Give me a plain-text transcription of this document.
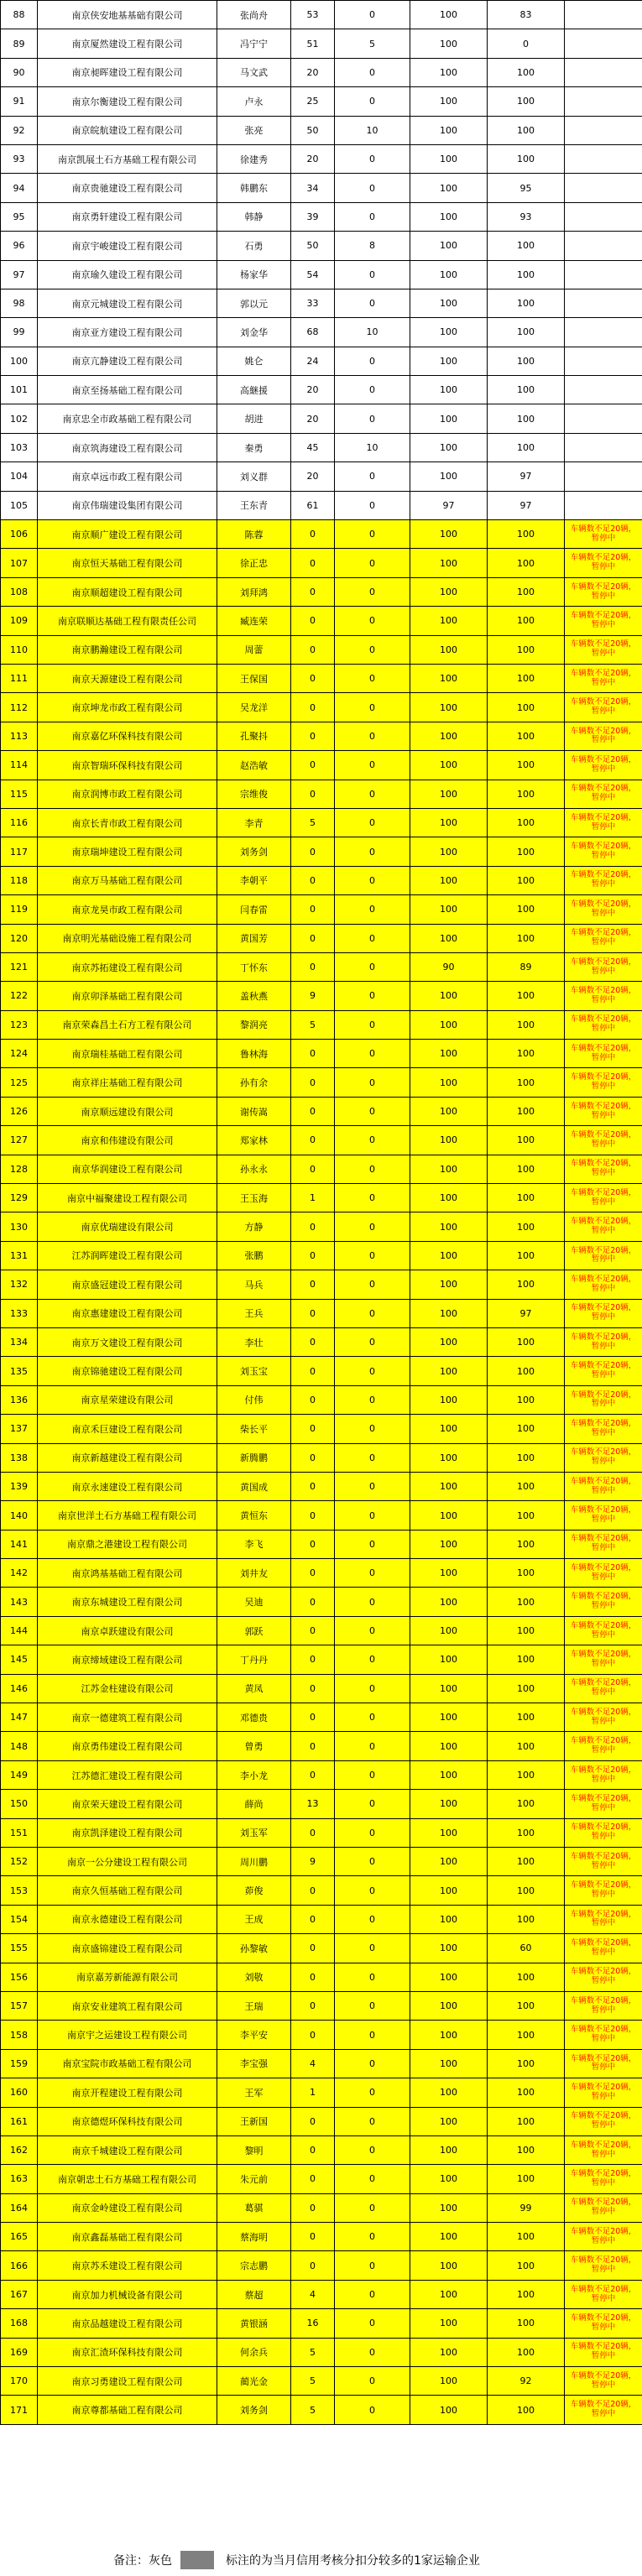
88	南京侠安地基基础有限公司	张尚舟	53	0	100	83	
89	南京厦然建设工程有限公司	冯宁宁	51	5	100	0	
90	南京昶晖建设工程有限公司	马文武	20	0	100	100	
91	南京尔衡建设工程有限公司	卢永	25	0	100	100	
92	南京皖航建设工程有限公司	张亮	50	10	100	100	
93	南京凯展土石方基础工程有限公司	徐建秀	20	0	100	100	
94	南京贵驰建设工程有限公司	韩鹏东	34	0	100	95	
95	南京勇轩建设工程有限公司	韩静	39	0	100	93	
96	南京宇峻建设工程有限公司	石勇	50	8	100	100	
97	南京瑜久建设工程有限公司	杨家华	54	0	100	100	
98	南京元城建设工程有限公司	郭以元	33	0	100	100	
99	南京亚方建设工程有限公司	刘金华	68	10	100	100	
100	南京亢静建设工程有限公司	姚仑	24	0	100	100	
101	南京至扬基础工程有限公司	高継援	20	0	100	100	
102	南京忠全市政基础工程有限公司	胡进	20	0	100	100	
103	南京筑海建设工程有限公司	秦勇	45	10	100	100	
104	南京卓远市政工程有限公司	刘义群	20	0	100	97	
105	南京伟瑞建设集团有限公司	王东青	61	0	97	97	
106	南京顺广建设工程有限公司	陈蓉	0	0	100	100	车辆数不足20辆，暂停中
107	南京恒天基础工程有限公司	徐正忠	0	0	100	100	车辆数不足20辆，暂停中
108	南京顺超建设工程有限公司	刘拜鸿	0	0	100	100	车辆数不足20辆，暂停中
109	南京联顺达基础工程有限责任公司	臧连荣	0	0	100	100	车辆数不足20辆，暂停中
110	南京鹏瀚建设工程有限公司	周蕾	0	0	100	100	车辆数不足20辆，暂停中
111	南京天源建设工程有限公司	王保国	0	0	100	100	车辆数不足20辆，暂停中
112	南京坤龙市政工程有限公司	吴龙洋	0	0	100	100	车辆数不足20辆，暂停中
113	南京嘉亿环保科技有限公司	孔聚抖	0	0	100	100	车辆数不足20辆，暂停中
114	南京智瑞环保科技有限公司	赵浩敏	0	0	100	100	车辆数不足20辆，暂停中
115	南京润博市政工程有限公司	宗维俊	0	0	100	100	车辆数不足20辆，暂停中
116	南京长青市政工程有限公司	李青	5	0	100	100	车辆数不足20辆，暂停中
117	南京瑞坤建设工程有限公司	刘务剑	0	0	100	100	车辆数不足20辆，暂停中
118	南京万马基础工程有限公司	李朝平	0	0	100	100	车辆数不足20辆，暂停中
119	南京龙昊市政工程有限公司	闫春雷	0	0	100	100	车辆数不足20辆，暂停中
120	南京明光基础设施工程有限公司	黄国芳	0	0	100	100	车辆数不足20辆，暂停中
121	南京苏拓建设工程有限公司	丁怀东	0	0	90	89	车辆数不足20辆，暂停中
122	南京卯泽基础工程有限公司	盖秋燕	9	0	100	100	车辆数不足20辆，暂停中
123	南京荣森昌土石方工程有限公司	黎润亮	5	0	100	100	车辆数不足20辆，暂停中
124	南京瑞桂基础工程有限公司	鲁林海	0	0	100	100	车辆数不足20辆，暂停中
125	南京祥庄基础工程有限公司	孙有余	0	0	100	100	车辆数不足20辆，暂停中
126	南京顺远建设有限公司	谢传嵩	0	0	100	100	车辆数不足20辆，暂停中
127	南京和伟建设有限公司	郑家林	0	0	100	100	车辆数不足20辆，暂停中
128	南京华润建设工程有限公司	孙永永	0	0	100	100	车辆数不足20辆，暂停中
129	南京中福聚建设工程有限公司	王玉海	1	0	100	100	车辆数不足20辆，暂停中
130	南京优瑞建设有限公司	方静	0	0	100	100	车辆数不足20辆，暂停中
131	江苏润晖建设工程有限公司	张鹏	0	0	100	100	车辆数不足20辆，暂停中
132	南京盛冠建设工程有限公司	马兵	0	0	100	100	车辆数不足20辆，暂停中
133	南京惠建建设工程有限公司	王兵	0	0	100	97	车辆数不足20辆，暂停中
134	南京万文建设工程有限公司	李壮	0	0	100	100	车辆数不足20辆，暂停中
135	南京锦驰建设工程有限公司	刘玉宝	0	0	100	100	车辆数不足20辆，暂停中
136	南京星荣建设有限公司	付伟	0	0	100	100	车辆数不足20辆，暂停中
137	南京禾巨建设工程有限公司	柴长平	0	0	100	100	车辆数不足20辆，暂停中
138	南京新越建设工程有限公司	新腾鹏	0	0	100	100	车辆数不足20辆，暂停中
139	南京永速建设工程有限公司	黄国成	0	0	100	100	车辆数不足20辆，暂停中
140	南京世洋土石方基础工程有限公司	黄恒东	0	0	100	100	车辆数不足20辆，暂停中
141	南京鼎之港建设工程有限公司	李飞	0	0	100	100	车辆数不足20辆，暂停中
142	南京鸿基基础工程有限公司	刘井友	0	0	100	100	车辆数不足20辆，暂停中
143	南京东城建设工程有限公司	吴迪	0	0	100	100	车辆数不足20辆，暂停中
144	南京卓跃建设有限公司	郭跃	0	0	100	100	车辆数不足20辆，暂停中
145	南京缔域建设工程有限公司	丁丹丹	0	0	100	100	车辆数不足20辆，暂停中
146	江苏金柱建设有限公司	黄凤	0	0	100	100	车辆数不足20辆，暂停中
147	南京一德建筑工程有限公司	邓德贵	0	0	100	100	车辆数不足20辆，暂停中
148	南京勇伟建设工程有限公司	曾勇	0	0	100	100	车辆数不足20辆，暂停中
149	江苏德汇建设工程有限公司	李小龙	0	0	100	100	车辆数不足20辆，暂停中
150	南京荣天建设工程有限公司	薛尚	13	0	100	100	车辆数不足20辆，暂停中
151	南京凯泽建设工程有限公司	刘玉军	0	0	100	100	车辆数不足20辆，暂停中
152	南京一公分建设工程有限公司	周川鹏	9	0	100	100	车辆数不足20辆，暂停中
153	南京久恒基础工程有限公司	茆俊	0	0	100	100	车辆数不足20辆，暂停中
154	南京永德建设工程有限公司	王成	0	0	100	100	车辆数不足20辆，暂停中
155	南京盛锦建设工程有限公司	孙黎敏	0	0	100	60	车辆数不足20辆，暂停中
156	南京嘉芳新能源有限公司	刘敬	0	0	100	100	车辆数不足20辆，暂停中
157	南京安业建筑工程有限公司	王瑞	0	0	100	100	车辆数不足20辆，暂停中
158	南京宇之运建设工程有限公司	李平安	0	0	100	100	车辆数不足20辆，暂停中
159	南京宝院市政基础工程有限公司	李宝强	4	0	100	100	车辆数不足20辆，暂停中
160	南京开程建设工程有限公司	王军	1	0	100	100	车辆数不足20辆，暂停中
161	南京德煜环保科技有限公司	王新国	0	0	100	100	车辆数不足20辆，暂停中
162	南京千城建设工程有限公司	黎明	0	0	100	100	车辆数不足20辆，暂停中
163	南京朝忠土石方基础工程有限公司	朱元前	0	0	100	100	车辆数不足20辆，暂停中
164	南京金岭建设工程有限公司	葛骐	0	0	100	99	车辆数不足20辆，暂停中
165	南京鑫磊基础工程有限公司	蔡海明	0	0	100	100	车辆数不足20辆，暂停中
166	南京苏禾建设工程有限公司	宗志鹏	0	0	100	100	车辆数不足20辆，暂停中
167	南京加力机械设备有限公司	蔡超	4	0	100	100	车辆数不足20辆，暂停中
168	南京品越建设工程有限公司	黄银涵	16	0	100	100	车辆数不足20辆，暂停中
169	南京汇渣环保科技有限公司	何余兵	5	0	100	100	车辆数不足20辆，暂停中
170	南京习勇建设工程有限公司	蔺光金	5	0	100	92	车辆数不足20辆，暂停中
171	南京尊都基础工程有限公司	刘务剑	5	0	100	100	车辆数不足20辆，暂停中
备注：灰色	标注的为当月信用考核分扣分较多的1家运输企业
